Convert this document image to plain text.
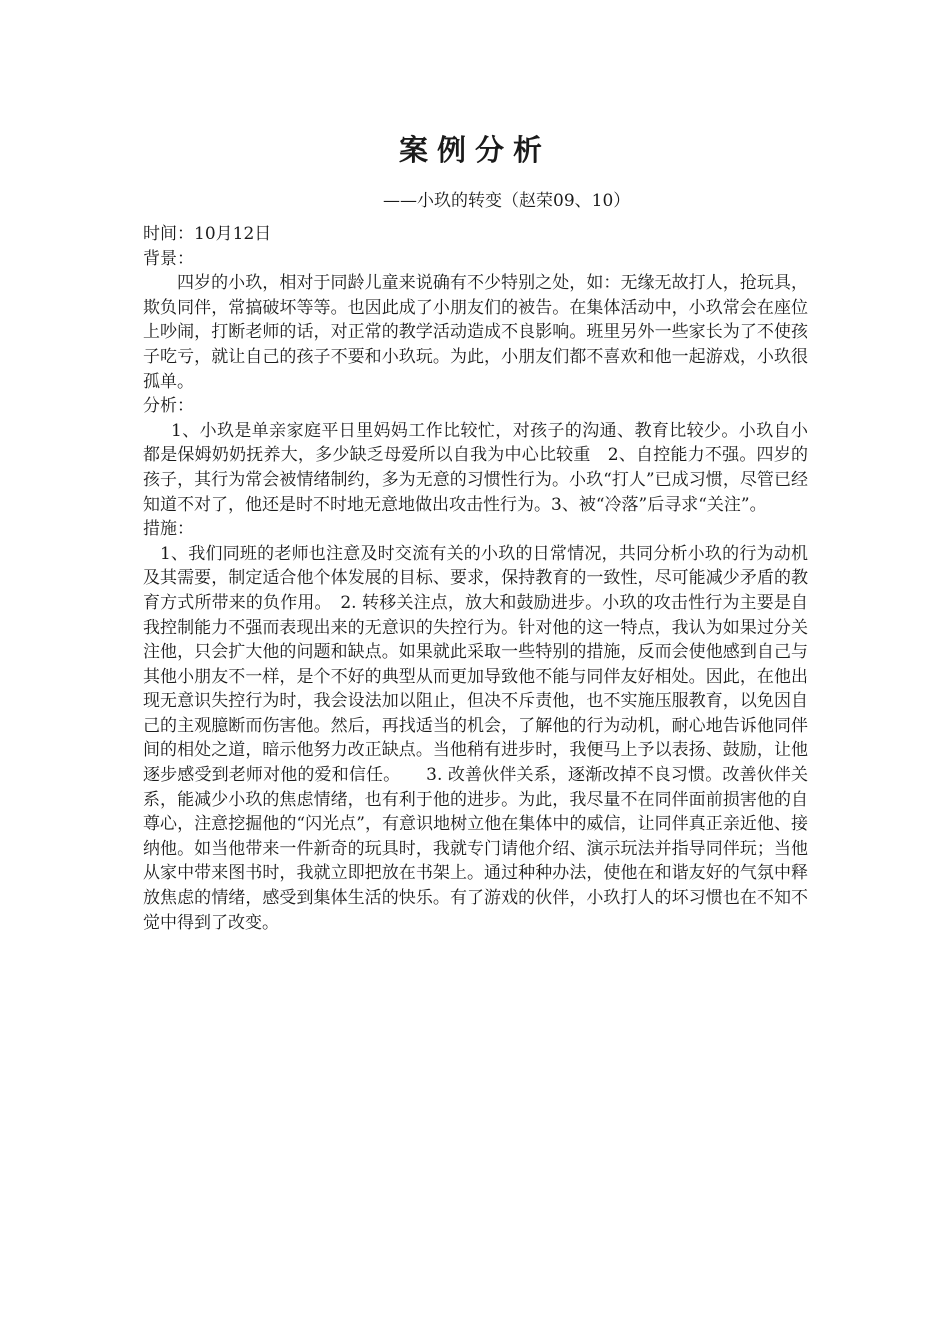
案例分析
——小玖的转变（赵荣09、10）

时间：10月12日

背景：

四岁的小玖，相对于同龄儿童来说确有不少特别之处，如：无缘无故打人，抢玩具，欺负同伴，常搞破坏等等。也因此成了小朋友们的被告。在集体活动中，小玖常会在座位上吵闹，打断老师的话，对正常的教学活动造成不良影响。班里另外一些家长为了不使孩子吃亏，就让自己的孩子不要和小玖玩。为此，小朋友们都不喜欢和他一起游戏，小玖很孤单。

分析：

1、小玖是单亲家庭平日里妈妈工作比较忙，对孩子的沟通、教育比较少。小玖自小都是保姆奶奶抚养大，多少缺乏母爱所以自我为中心比较重　2、自控能力不强。四岁的孩子，其行为常会被情绪制约，多为无意的习惯性行为。小玖“打人”已成习惯，尽管已经知道不对了，他还是时不时地无意地做出攻击性行为。3、被“冷落”后寻求“关注”。

措施：

1、我们同班的老师也注意及时交流有关的小玖的日常情况，共同分析小玖的行为动机及其需要，制定适合他个体发展的目标、要求，保持教育的一致性，尽可能减少矛盾的教育方式所带来的负作用。　2. 转移关注点，放大和鼓励进步。小玖的攻击性行为主要是自我控制能力不强而表现出来的无意识的失控行为。针对他的这一特点，我认为如果过分关注他，只会扩大他的问题和缺点。如果就此采取一些特别的措施，反而会使他感到自己与其他小朋友不一样，是个不好的典型从而更加导致他不能与同伴友好相处。因此，在他出现无意识失控行为时，我会设法加以阻止，但决不斥责他，也不实施压服教育，以免因自己的主观臆断而伤害他。然后，再找适当的机会，了解他的行为动机，耐心地告诉他同伴间的相处之道，暗示他努力改正缺点。当他稍有进步时，我便马上予以表扬、鼓励，让他逐步感受到老师对他的爱和信任。　　3. 改善伙伴关系，逐渐改掉不良习惯。改善伙伴关系，能减少小玖的焦虑情绪，也有利于他的进步。为此，我尽量不在同伴面前损害他的自尊心，注意挖掘他的“闪光点”，有意识地树立他在集体中的威信，让同伴真正亲近他、接纳他。如当他带来一件新奇的玩具时，我就专门请他介绍、演示玩法并指导同伴玩；当他从家中带来图书时，我就立即把放在书架上。通过种种办法，使他在和谐友好的气氛中释放焦虑的情绪，感受到集体生活的快乐。有了游戏的伙伴，小玖打人的坏习惯也在不知不觉中得到了改变。
